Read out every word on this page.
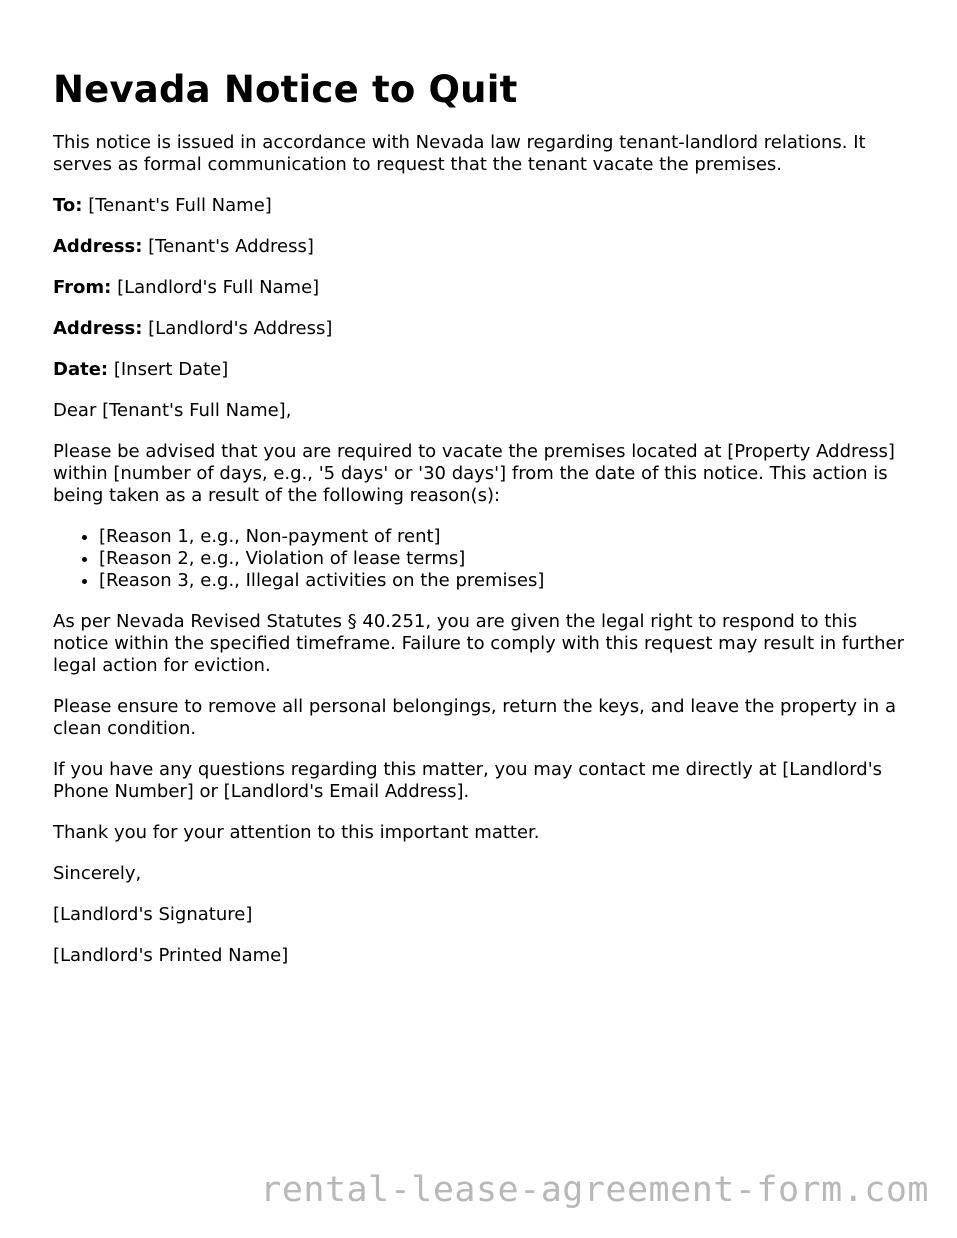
Nevada Notice to Quit

This notice is issued in accordance with Nevada law regarding tenant-landlord relations. It serves as formal communication to request that the tenant vacate the premises.

To: [Tenant's Full Name]

Address: [Tenant's Address]

From: [Landlord's Full Name]

Address: [Landlord's Address]

Date: [Insert Date]

Dear [Tenant's Full Name],

Please be advised that you are required to vacate the premises located at [Property Address] within [number of days, e.g., '5 days' or '30 days'] from the date of this notice. This action is being taken as a result of the following reason(s):

• [Reason 1, e.g., Non-payment of rent]
• [Reason 2, e.g., Violation of lease terms]
• [Reason 3, e.g., Illegal activities on the premises]

As per Nevada Revised Statutes § 40.251, you are given the legal right to respond to this notice within the specified timeframe. Failure to comply with this request may result in further legal action for eviction.

Please ensure to remove all personal belongings, return the keys, and leave the property in a clean condition.

If you have any questions regarding this matter, you may contact me directly at [Landlord's Phone Number] or [Landlord's Email Address].

Thank you for your attention to this important matter.

Sincerely,

[Landlord's Signature]

[Landlord's Printed Name]

rental-lease-agreement-form.com
